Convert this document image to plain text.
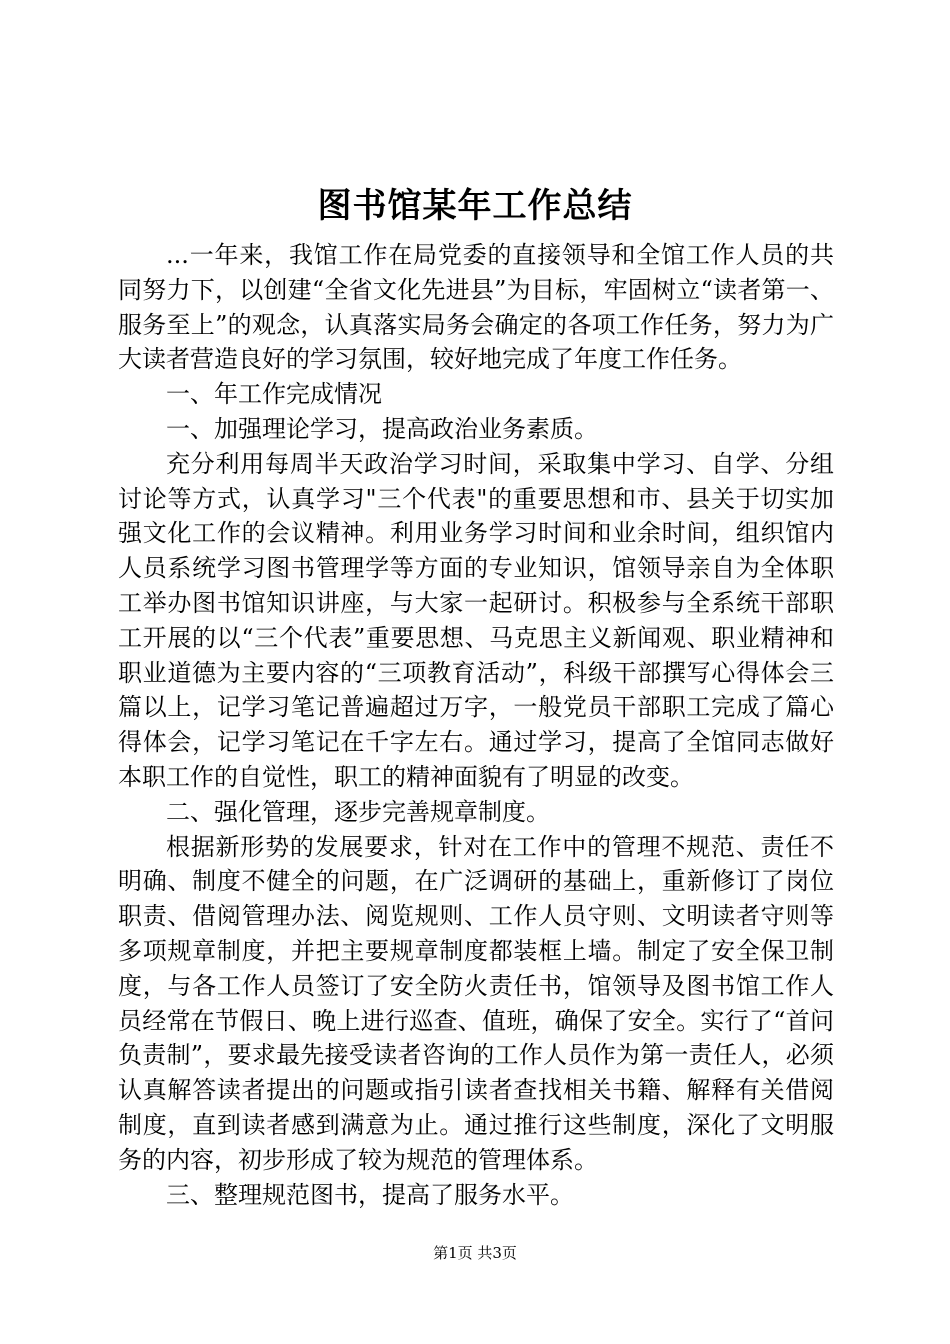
图书馆某年工作总结

...一年来，我馆工作在局党委的直接领导和全馆工作人员的共同努力下，以创建“全省文化先进县”为目标，牢固树立“读者第一、服务至上”的观念，认真落实局务会确定的各项工作任务，努力为广大读者营造良好的学习氛围，较好地完成了年度工作任务。

一、年工作完成情况

一、加强理论学习，提高政治业务素质。

充分利用每周半天政治学习时间，采取集中学习、自学、分组讨论等方式，认真学习"三个代表"的重要思想和市、县关于切实加强文化工作的会议精神。利用业务学习时间和业余时间，组织馆内人员系统学习图书管理学等方面的专业知识，馆领导亲自为全体职工举办图书馆知识讲座，与大家一起研讨。积极参与全系统干部职工开展的以“三个代表”重要思想、马克思主义新闻观、职业精神和职业道德为主要内容的“三项教育活动”，科级干部撰写心得体会三篇以上，记学习笔记普遍超过万字，一般党员干部职工完成了篇心得体会，记学习笔记在千字左右。通过学习，提高了全馆同志做好本职工作的自觉性，职工的精神面貌有了明显的改变。

二、强化管理，逐步完善规章制度。

根据新形势的发展要求，针对在工作中的管理不规范、责任不明确、制度不健全的问题，在广泛调研的基础上，重新修订了岗位职责、借阅管理办法、阅览规则、工作人员守则、文明读者守则等多项规章制度，并把主要规章制度都装框上墙。制定了安全保卫制度，与各工作人员签订了安全防火责任书，馆领导及图书馆工作人员经常在节假日、晚上进行巡查、值班，确保了安全。实行了“首问负责制”，要求最先接受读者咨询的工作人员作为第一责任人，必须认真解答读者提出的问题或指引读者查找相关书籍、解释有关借阅制度，直到读者感到满意为止。通过推行这些制度，深化了文明服务的内容，初步形成了较为规范的管理体系。

三、整理规范图书，提高了服务水平。

第1页 共3页
